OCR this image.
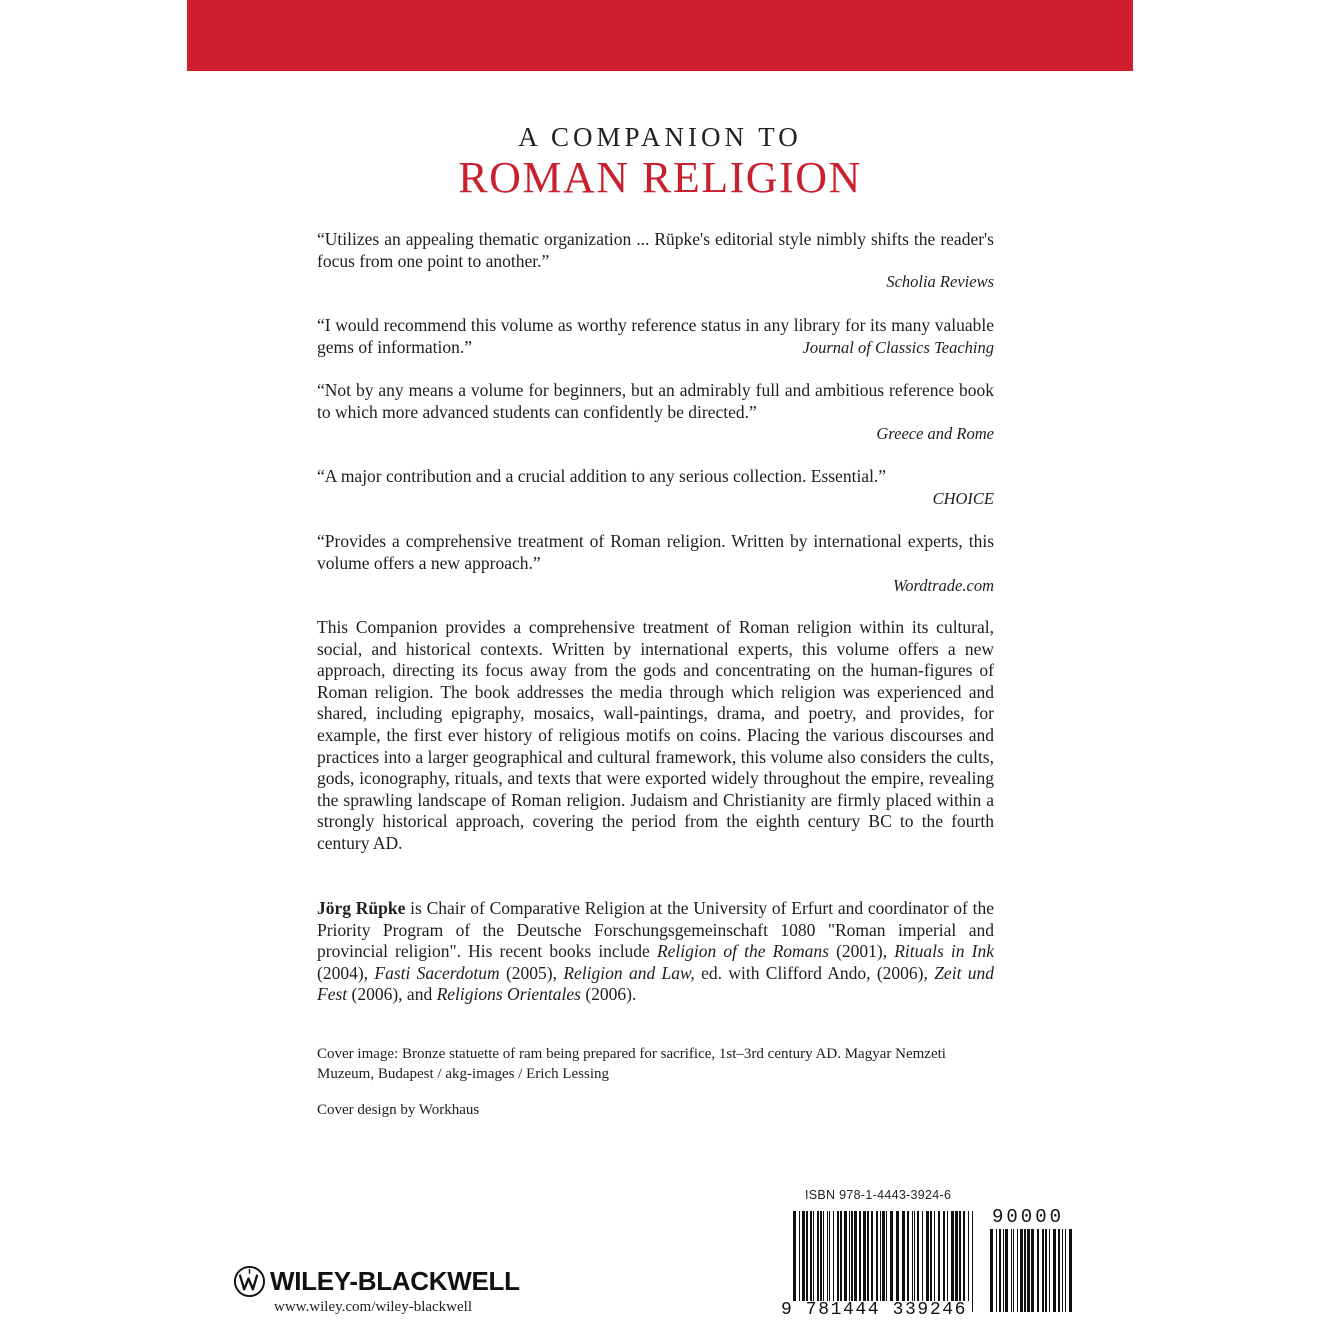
A COMPANION TO
ROMAN RELIGION
“Utilizes an appealing thematic organization ... Rüpke's editorial style nimbly shifts the reader's focus from one point to another.”
Scholia Reviews
“I would recommend this volume as worthy reference status in any library for its many valuable gems of information.”	Journal of Classics Teaching
“Not by any means a volume for beginners, but an admirably full and ambitious reference book to which more advanced students can confidently be directed.”
Greece and Rome
“A major contribution and a crucial addition to any serious collection. Essential.”
CHOICE
“Provides a comprehensive treatment of Roman religion. Written by international experts, this volume offers a new approach.”
Wordtrade.com
This Companion provides a comprehensive treatment of Roman religion within its cultural, social, and historical contexts. Written by international experts, this volume offers a new approach, directing its focus away from the gods and concentrating on the human-figures of Roman religion. The book addresses the media through which religion was experienced and shared, including epigraphy, mosaics, wall-paintings, drama, and poetry, and provides, for example, the first ever history of religious motifs on coins. Placing the various discourses and practices into a larger geographical and cultural framework, this volume also considers the cults, gods, iconography, rituals, and texts that were exported widely throughout the empire, revealing the sprawling landscape of Roman religion. Judaism and Christianity are firmly placed within a strongly historical approach, covering the period from the eighth century BC to the fourth century AD.
Jörg Rüpke is Chair of Comparative Religion at the University of Erfurt and coordinator of the Priority Program of the Deutsche Forschungsgemeinschaft 1080 "Roman imperial and provincial religion". His recent books include Religion of the Romans (2001), Rituals in Ink (2004), Fasti Sacerdotum (2005), Religion and Law, ed. with Clifford Ando, (2006), Zeit und Fest (2006), and Religions Orientales (2006).
Cover image: Bronze statuette of ram being prepared for sacrifice, 1st–3rd century AD. Magyar Nemzeti Muzeum, Budapest / akg-images / Erich Lessing
Cover design by Workhaus
ISBN 978-1-4443-3924-6
90000
9 781444 339246
WILEY-BLACKWELL
www.wiley.com/wiley-blackwell
